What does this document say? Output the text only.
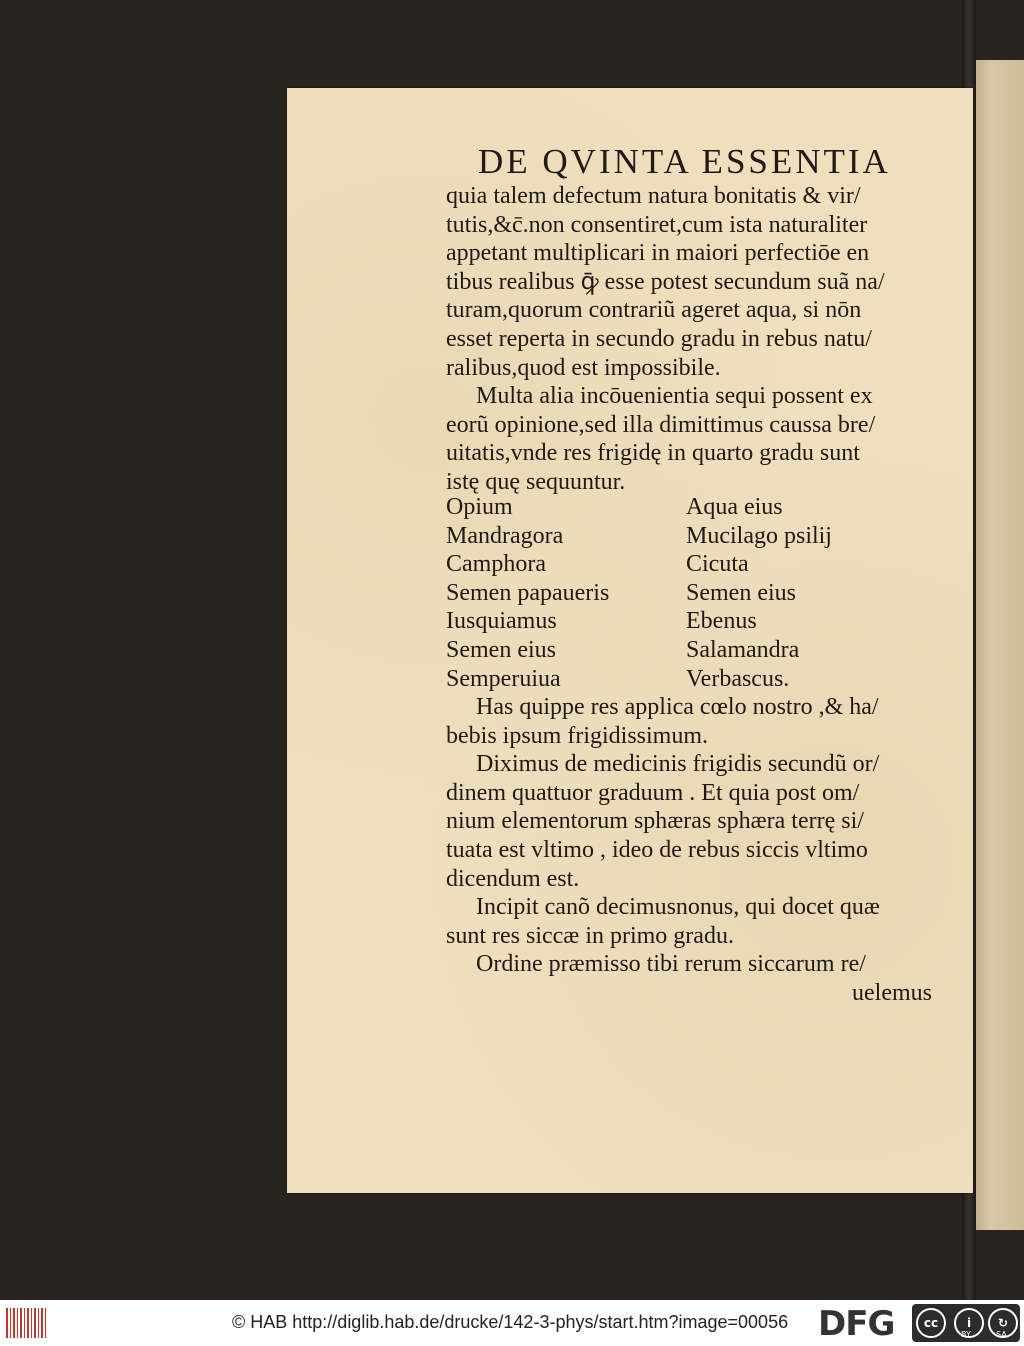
DE QVINTA ESSENTIA
quia talem defectum natura bonitatis & vir/
tutis,&c̄.non consentiret,cum ista naturaliter
appetant multiplicari in maiori perfectiōe en
tibus realibus ꝙ̄ esse potest secundum suã na/
turam,quorum contrariũ ageret aqua, si nōn
esset reperta in secundo gradu in rebus natu/
ralibus,quod est impossibile.
Multa alia incōuenientia sequi possent ex
eorũ opinione,sed illa dimittimus caussa bre/
uitatis,vnde res frigidę in quarto gradu sunt
istę quę sequuntur.
Opium	Aqua eius
Mandragora	Mucilago psilĳ
Camphora	Cicuta
Semen papaueris	Semen eius
Iusquiamus	Ebenus
Semen eius	Salamandra
Semperuiua	Verbascus.
Has quippe res applica cœlo nostro ,& ha/
bebis ipsum frigidissimum.
Diximus de medicinis frigidis secundũ or/
dinem quattuor graduum . Et quia post om/
nium elementorum sphæras sphæra terrę si/
tuata est vltimo , ideo de rebus siccis vltimo
dicendum est.
Incipit canõ decimusnonus, qui docet quæ
sunt res siccæ in primo gradu.
Ordine præmisso tibi rerum siccarum re/
uelemus
© HAB http://diglib.hab.de/drucke/142-3-phys/start.htm?image=00056 DFG	cc	i	↻
BY	SA
